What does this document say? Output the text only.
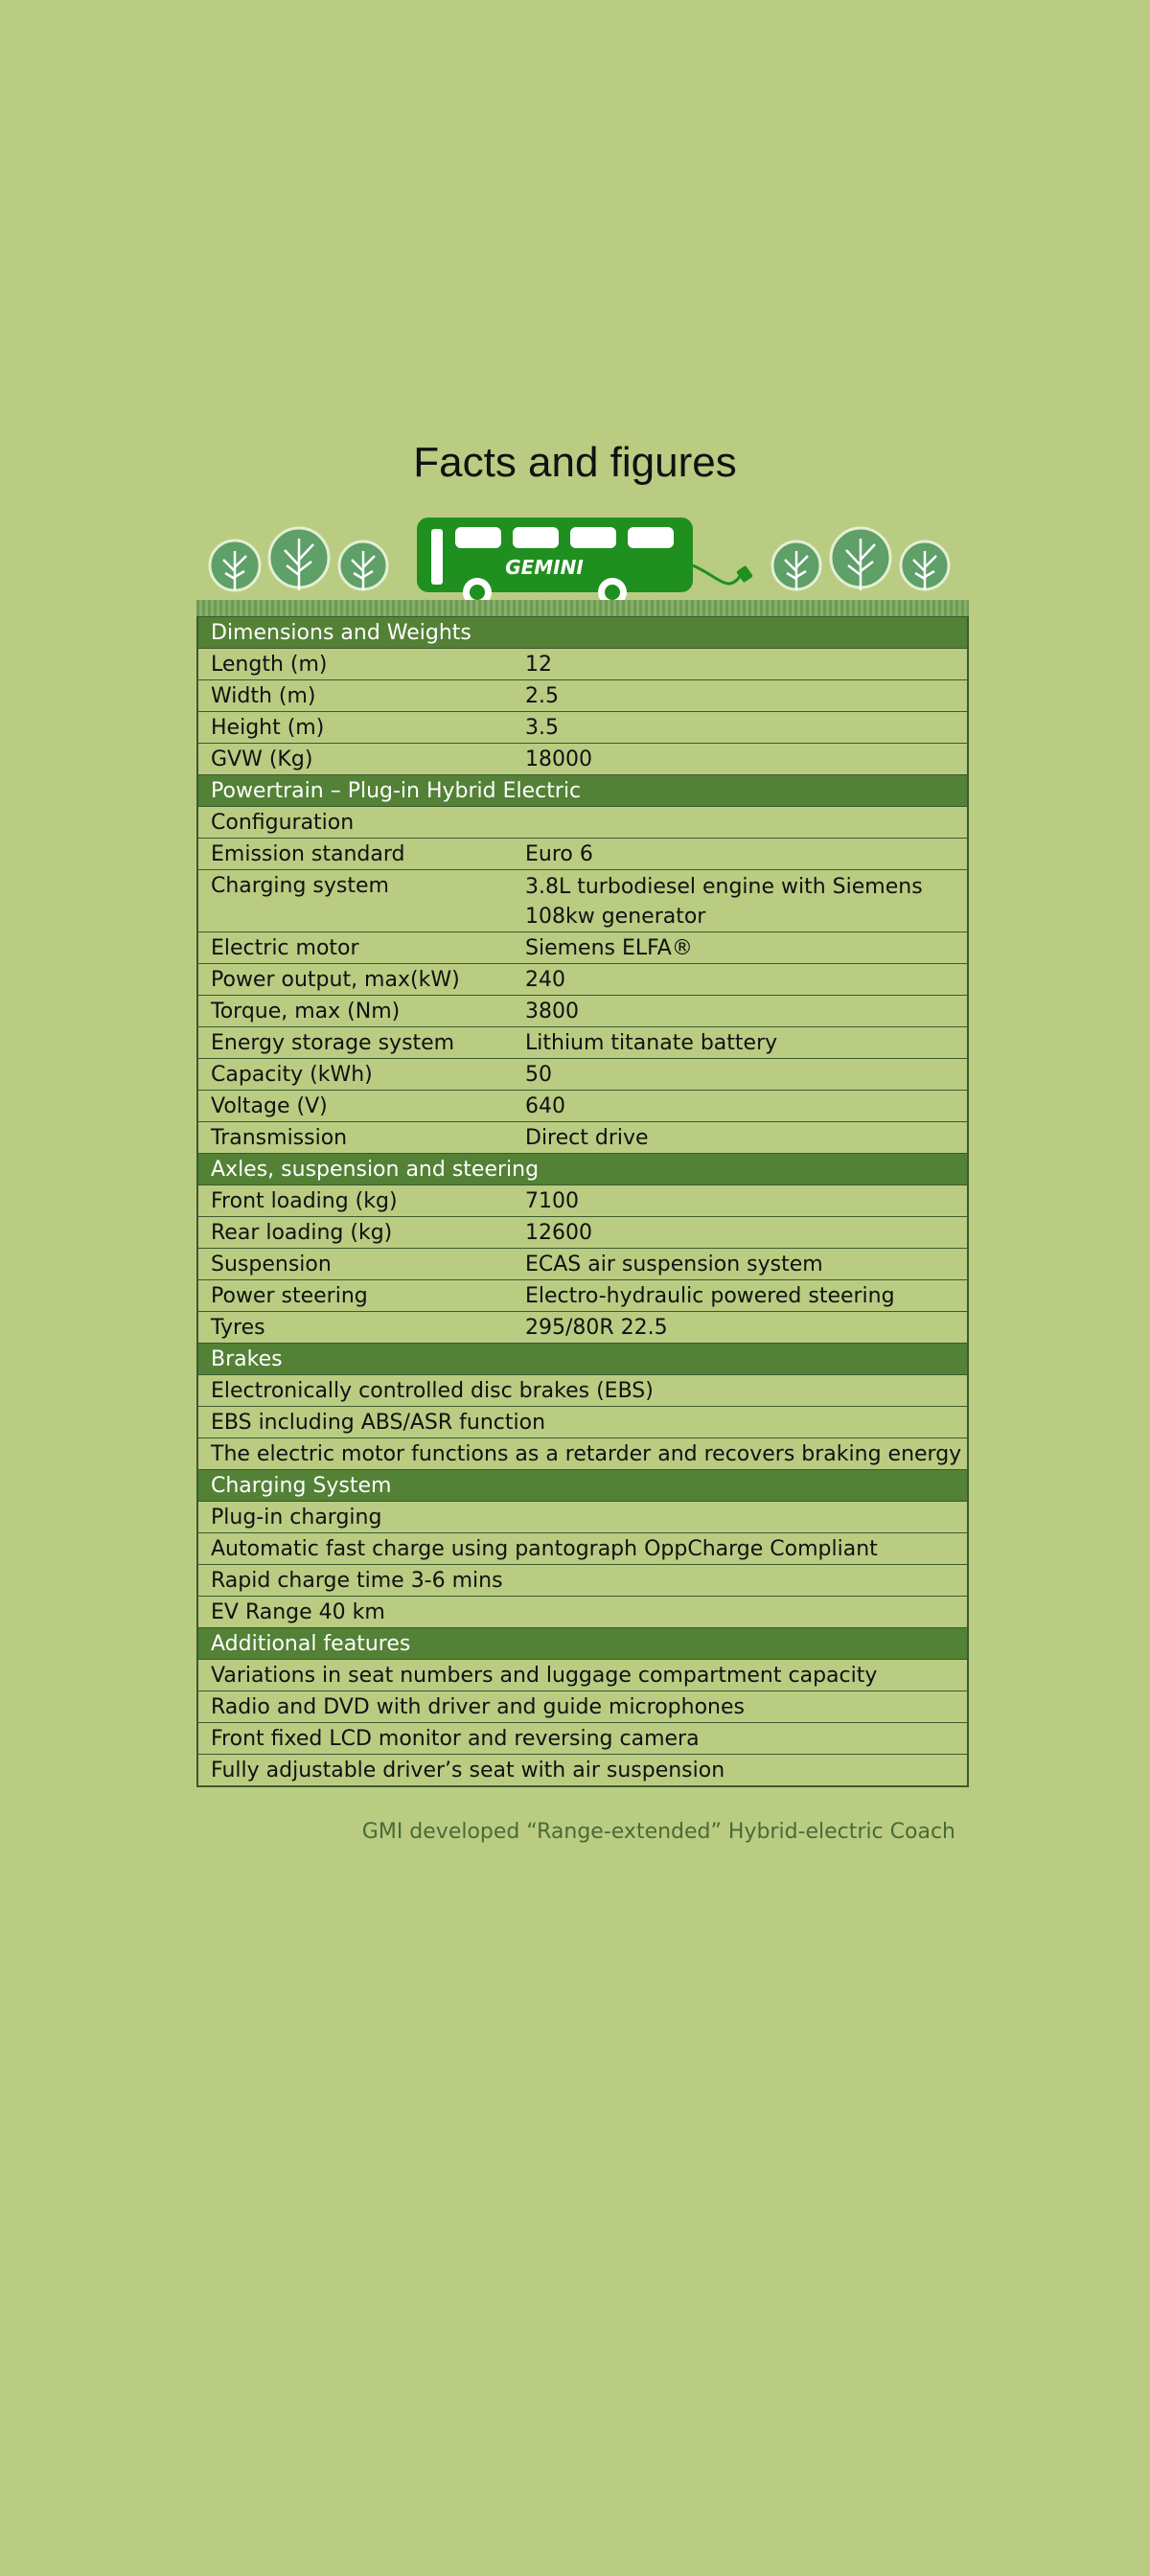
Facts and figures
GEMINI
Dimensions and Weights
Length (m)	12
Width (m)	2.5
Height (m)	3.5
GVW (Kg)	18000
Powertrain – Plug-in Hybrid Electric
Configuration
Emission standard	Euro 6
Charging system	3.8L turbodiesel engine with Siemens 108kw generator
Electric motor	Siemens ELFA®
Power output, max(kW)	240
Torque, max (Nm)	3800
Energy storage system	Lithium titanate battery
Capacity (kWh)	50
Voltage (V)	640
Transmission	Direct drive
Axles, suspension and steering
Front loading (kg)	7100
Rear loading (kg)	12600
Suspension	ECAS air suspension system
Power steering	Electro-hydraulic powered steering
Tyres	295/80R 22.5
Brakes
Electronically controlled disc brakes (EBS)
EBS including ABS/ASR function
The electric motor functions as a retarder and recovers braking energy
Charging System
Plug-in charging
Automatic fast charge using pantograph OppCharge Compliant
Rapid charge time 3-6 mins
EV Range 40 km
Additional features
Variations in seat numbers and luggage compartment capacity
Radio and DVD with driver and guide microphones
Front fixed LCD monitor and reversing camera
Fully adjustable driver’s seat with air suspension
GMI developed “Range-extended” Hybrid-electric Coach
